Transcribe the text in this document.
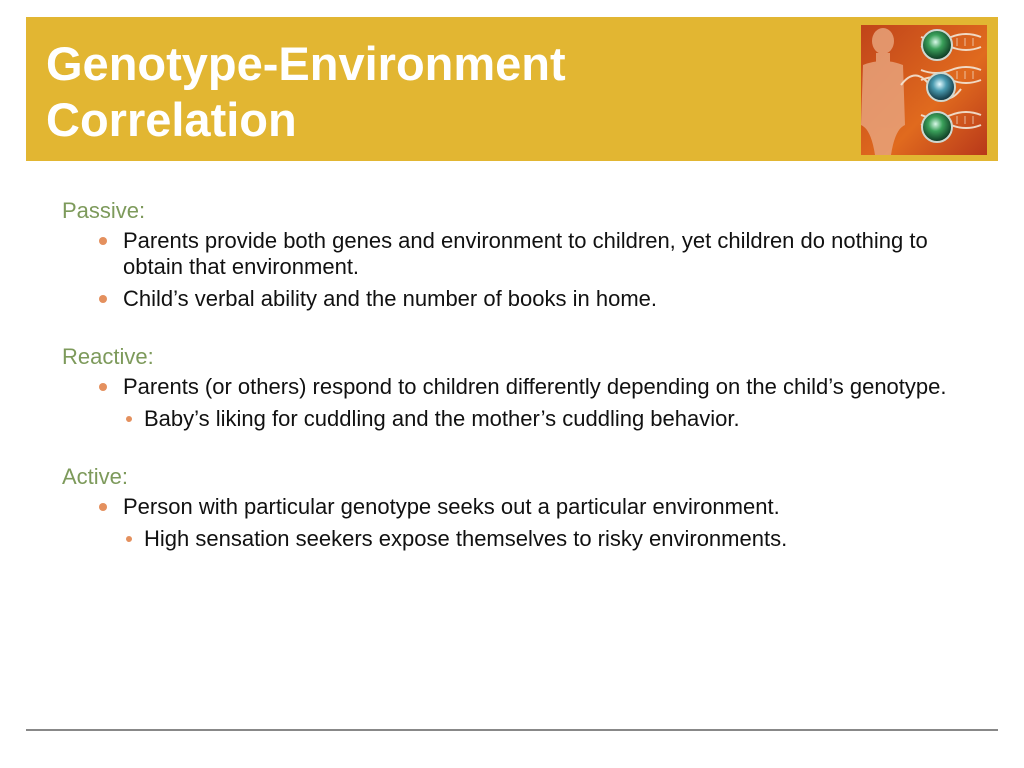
Genotype-Environment
Correlation

Passive:

Parents provide both genes and environment to children, yet children do nothing to obtain that environment.
Child’s verbal ability and the number of books in home.

Reactive:

Parents (or others) respond to children differently depending on the child’s genotype.
Baby’s liking for cuddling and the mother’s cuddling behavior.

Active:

Person with particular genotype seeks out a particular environment.
High sensation seekers expose themselves to risky environments.
